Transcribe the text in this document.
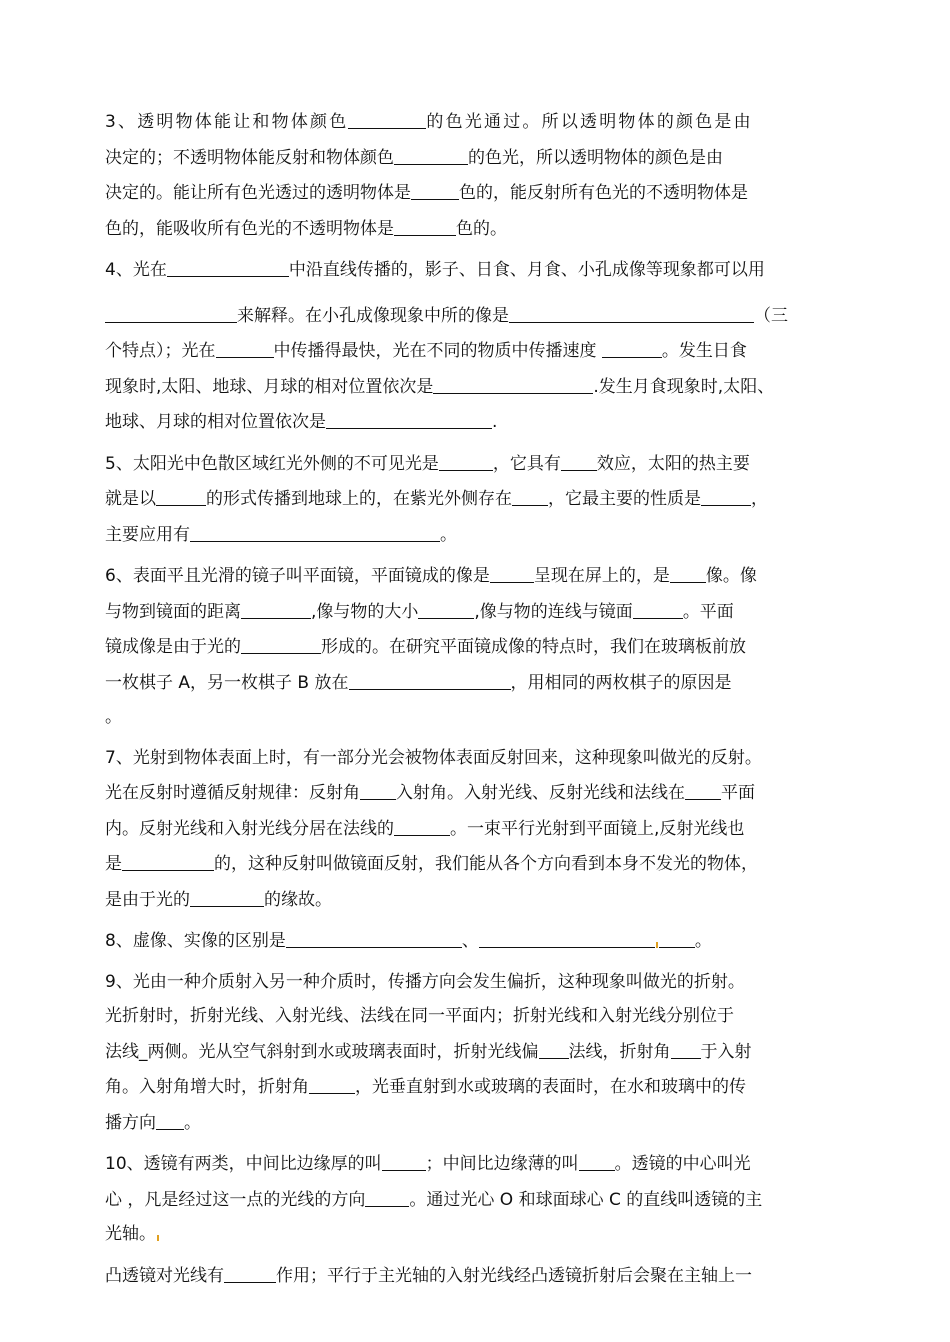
3、透明物体能让和物体颜色	的色光通过。所以透明物体的颜色是由
决定的；不透明物体能反射和物体颜色	的色光，所以透明物体的颜色是由
决定的。能让所有色光透过的透明物体是	色的，能反射所有色光的不透明物体是
色的，能吸收所有色光的不透明物体是	色的。
4、光在	中沿直线传播的，影子、日食、月食、小孔成像等现象都可以用
来解释。在小孔成像现象中所的像是	（三
个特点）；光在	中传播得最快，光在不同的物质中传播速度	。发生日食
现象时,太阳、地球、月球的相对位置依次是	.发生月食现象时,太阳、
地球、月球的相对位置依次是	.
5、太阳光中色散区域红光外侧的不可见光是	，它具有 效应，太阳的热主要
就是以	的形式传播到地球上的，在紫光外侧存在 ，它最主要的性质是	，
主要应用有	。
6、表面平且光滑的镜子叫平面镜，平面镜成的像是	呈现在屏上的，是 像。像
与物到镜面的距离	,像与物的大小	,像与物的连线与镜面	。平面
镜成像是由于光的	形成的。在研究平面镜成像的特点时，我们在玻璃板前放
一枚棋子 A，另一枚棋子 B 放在	，用相同的两枚棋子的原因是
。
7、光射到物体表面上时，有一部分光会被物体表面反射回来，这种现象叫做光的反射。
光在反射时遵循反射规律：反射角 入射角。入射光线、反射光线和法线在 平面
内。反射光线和入射光线分居在法线的	。一束平行光射到平面镜上,反射光线也
是	的，这种反射叫做镜面反射，我们能从各个方向看到本身不发光的物体，
是由于光的	的缘故。
8、虚像、实像的区别是	、	。
9、光由一种介质射入另一种介质时，传播方向会发生偏折，这种现象叫做光的折射。
光折射时，折射光线、入射光线、法线在同一平面内；折射光线和入射光线分别位于
法线_两侧。光从空气斜射到水或玻璃表面时，折射光线偏 法线，折射角 于入射
角。入射角增大时，折射角	，光垂直射到水或玻璃的表面时，在水和玻璃中的传
播方向 。
10、透镜有两类，中间比边缘厚的叫	；中间比边缘薄的叫 。透镜的中心叫光
心 ，凡是经过这一点的光线的方向	。通过光心 O 和球面球心 C 的直线叫透镜的主
光轴。
凸透镜对光线有	作用；平行于主光轴的入射光线经凸透镜折射后会聚在主轴上一
